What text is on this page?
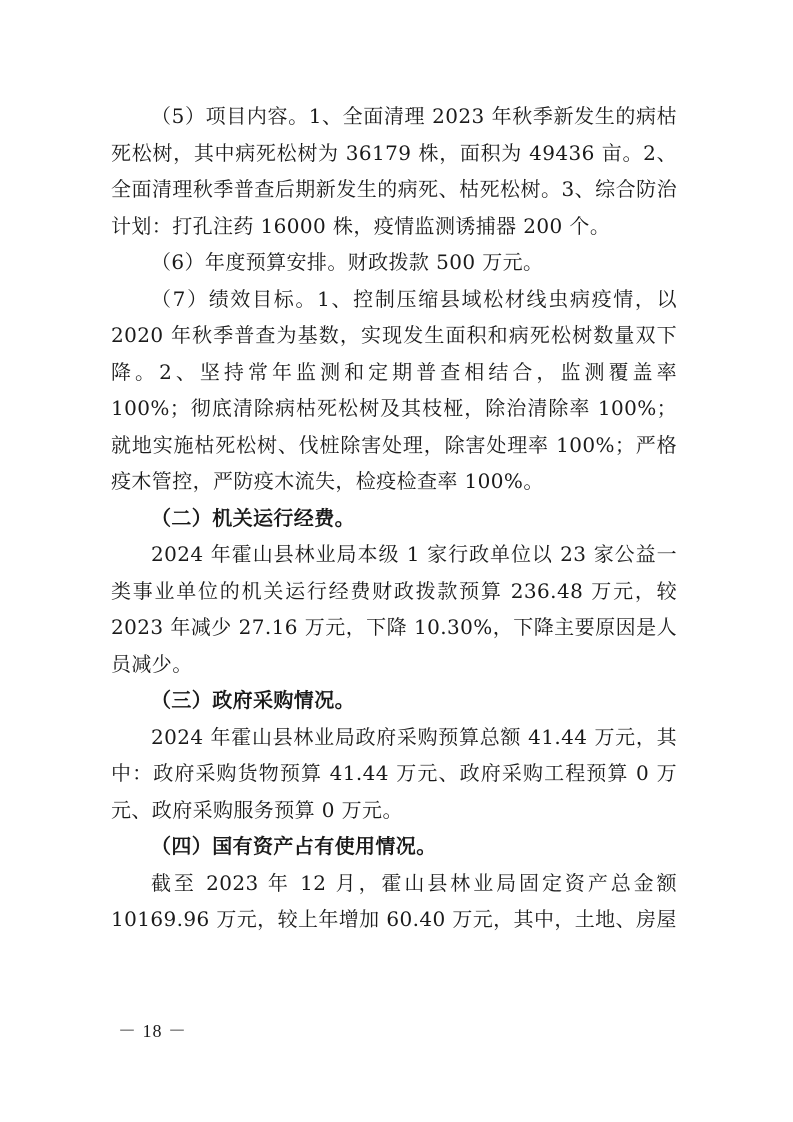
（5）项目内容。1、全面清理 2023 年秋季新发生的病枯死松树，其中病死松树为 36179 株，面积为 49436 亩。2、全面清理秋季普查后期新发生的病死、枯死松树。3、综合防治计划：打孔注药 16000 株，疫情监测诱捕器 200 个。

（6）年度预算安排。财政拨款 500 万元。

（7）绩效目标。1、控制压缩县域松材线虫病疫情，以 2020 年秋季普查为基数，实现发生面积和病死松树数量双下降。2、坚持常年监测和定期普查相结合，监测覆盖率 100%；彻底清除病枯死松树及其枝桠，除治清除率 100%；就地实施枯死松树、伐桩除害处理，除害处理率 100%；严格疫木管控，严防疫木流失，检疫检查率 100%。

（二）机关运行经费。

2024 年霍山县林业局本级 1 家行政单位以 23 家公益一类事业单位的机关运行经费财政拨款预算 236.48 万元，较 2023 年减少 27.16 万元，下降 10.30%，下降主要原因是人员减少。

（三）政府采购情况。

2024 年霍山县林业局政府采购预算总额 41.44 万元，其中：政府采购货物预算 41.44 万元、政府采购工程预算 0 万元、政府采购服务预算 0 万元。

（四）国有资产占有使用情况。

截至 2023 年 12 月，霍山县林业局固定资产总金额 10169.96 万元，较上年增加 60.40 万元，其中，土地、房屋

－ 18 －
